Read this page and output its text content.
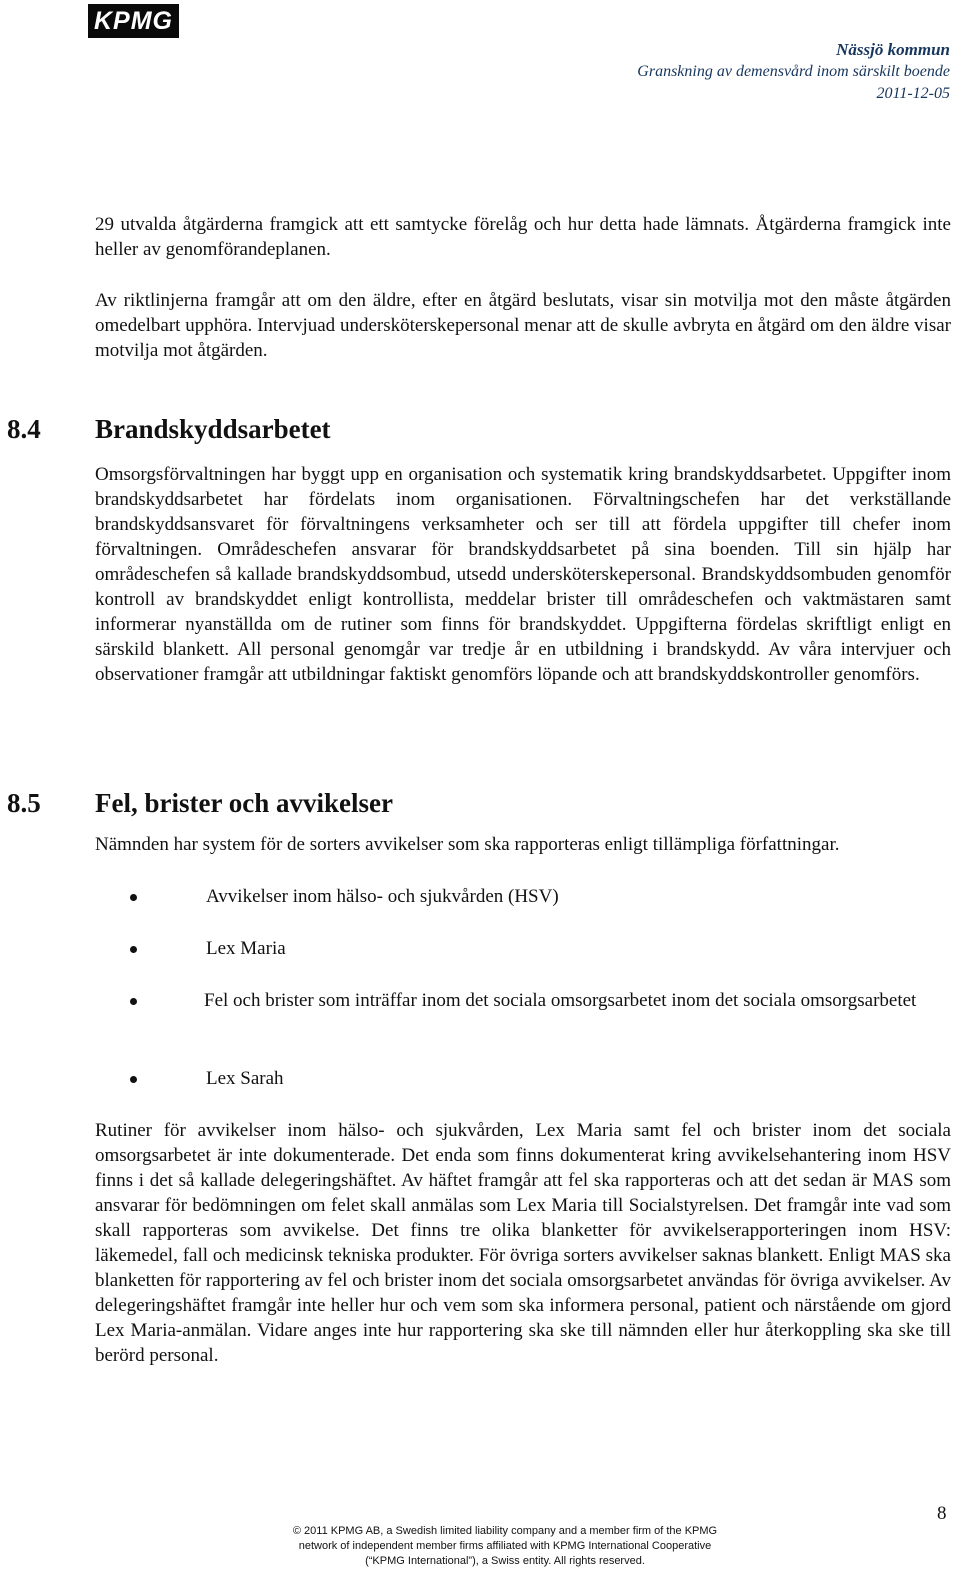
KPMG
Nässjö kommun
Granskning av demensvård inom särskilt boende
2011-12-05

29 utvalda åtgärderna framgick att ett samtycke förelåg och hur detta hade lämnats. Åtgärderna framgick inte heller av genomförandeplanen.

Av riktlinjerna framgår att om den äldre, efter en åtgärd beslutats, visar sin motvilja mot den måste åtgärden omedelbart upphöra. Intervjuad undersköterskepersonal menar att de skulle avbryta en åtgärd om den äldre visar motvilja mot åtgärden.

8.4 Brandskyddsarbetet

Omsorgsförvaltningen har byggt upp en organisation och systematik kring brandskyddsarbetet. Uppgifter inom brandskyddsarbetet har fördelats inom organisationen. Förvaltningschefen har det verkställande brandskyddsansvaret för förvaltningens verksamheter och ser till att fördela uppgifter till chefer inom förvaltningen. Områdeschefen ansvarar för brandskyddsarbetet på sina boenden. Till sin hjälp har områdeschefen så kallade brandskyddsombud, utsedd undersköterskepersonal. Brandskyddsombuden genomför kontroll av brandskyddet enligt kontrollista, meddelar brister till områdeschefen och vaktmästaren samt informerar nyanställda om de rutiner som finns för brandskyddet. Uppgifterna fördelas skriftligt enligt en särskild blankett. All personal genomgår var tredje år en utbildning i brandskydd. Av våra intervjuer och observationer framgår att utbildningar faktiskt genomförs löpande och att brandskyddskontroller genomförs.

8.5 Fel, brister och avvikelser

Nämnden har system för de sorters avvikelser som ska rapporteras enligt tillämpliga författningar.

Avvikelser inom hälso- och sjukvården (HSV)
Lex Maria
Fel och brister som inträffar inom det sociala omsorgsarbetet inom det sociala omsorgsarbetet
Lex Sarah

Rutiner för avvikelser inom hälso- och sjukvården, Lex Maria samt fel och brister inom det sociala omsorgsarbetet är inte dokumenterade. Det enda som finns dokumenterat kring avvikelsehantering inom HSV finns i det så kallade delegeringshäftet. Av häftet framgår att fel ska rapporteras och att det sedan är MAS som ansvarar för bedömningen om felet skall anmälas som Lex Maria till Socialstyrelsen. Det framgår inte vad som skall rapporteras som avvikelse. Det finns tre olika blanketter för avvikelserapporteringen inom HSV: läkemedel, fall och medicinsk tekniska produkter. För övriga sorters avvikelser saknas blankett. Enligt MAS ska blanketten för rapportering av fel och brister inom det sociala omsorgsarbetet användas för övriga avvikelser. Av delegeringshäftet framgår inte heller hur och vem som ska informera personal, patient och närstående om gjord Lex Maria-anmälan. Vidare anges inte hur rapportering ska ske till nämnden eller hur återkoppling ska ske till berörd personal.

8
© 2011 KPMG AB, a Swedish limited liability company and a member firm of the KPMG network of independent member firms affiliated with KPMG International Cooperative (“KPMG International”), a Swiss entity. All rights reserved.
